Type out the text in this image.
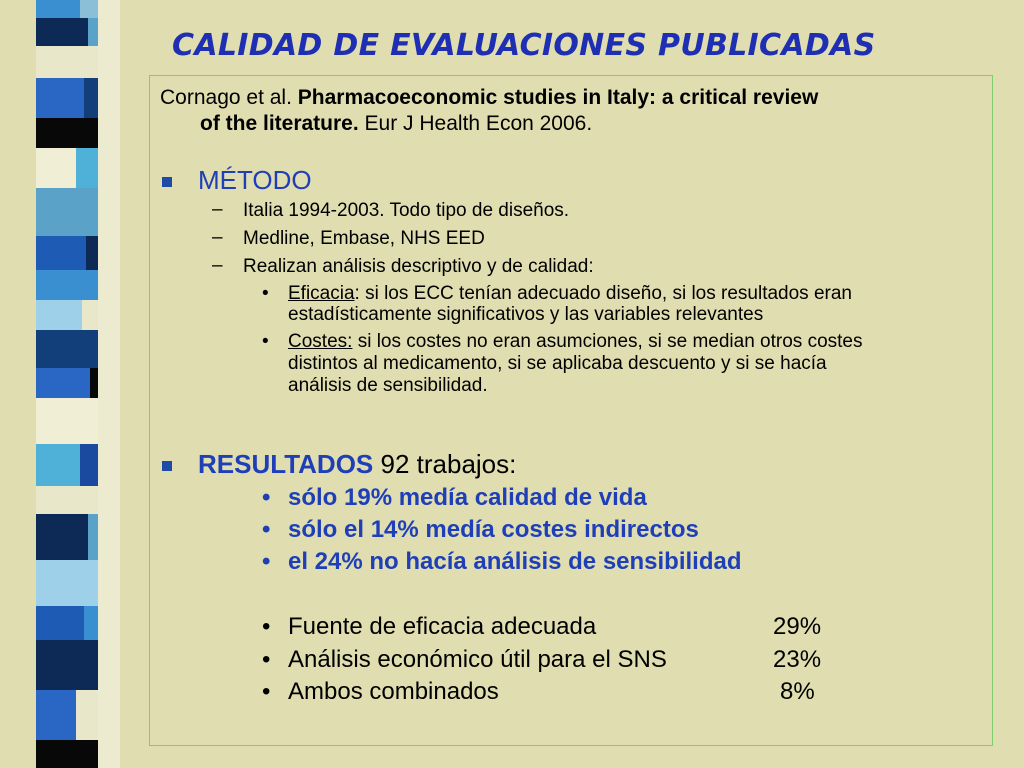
CALIDAD DE EVALUACIONES PUBLICADAS
Cornago et al. Pharmacoeconomic studies in Italy: a critical review
of the literature. Eur J Health Econ 2006.
MÉTODO
– Italia 1994-2003. Todo tipo de diseños.
– Medline, Embase, NHS EED
– Realizan análisis descriptivo y de calidad:
• Eficacia: si los ECC tenían adecuado diseño, si los resultados eran
estadísticamente significativos y las variables relevantes
• Costes: si los costes no eran asumciones, si se median otros costes
distintos al medicamento, si se aplicaba descuento y si se hacía
análisis de sensibilidad.
RESULTADOS 92 trabajos:
• sólo 19% medía calidad de vida
• sólo el 14% medía costes indirectos
• el 24% no hacía análisis de sensibilidad
• Fuente de eficacia adecuada	29%
• Análisis económico útil para el SNS	23%
• Ambos combinados	8%
